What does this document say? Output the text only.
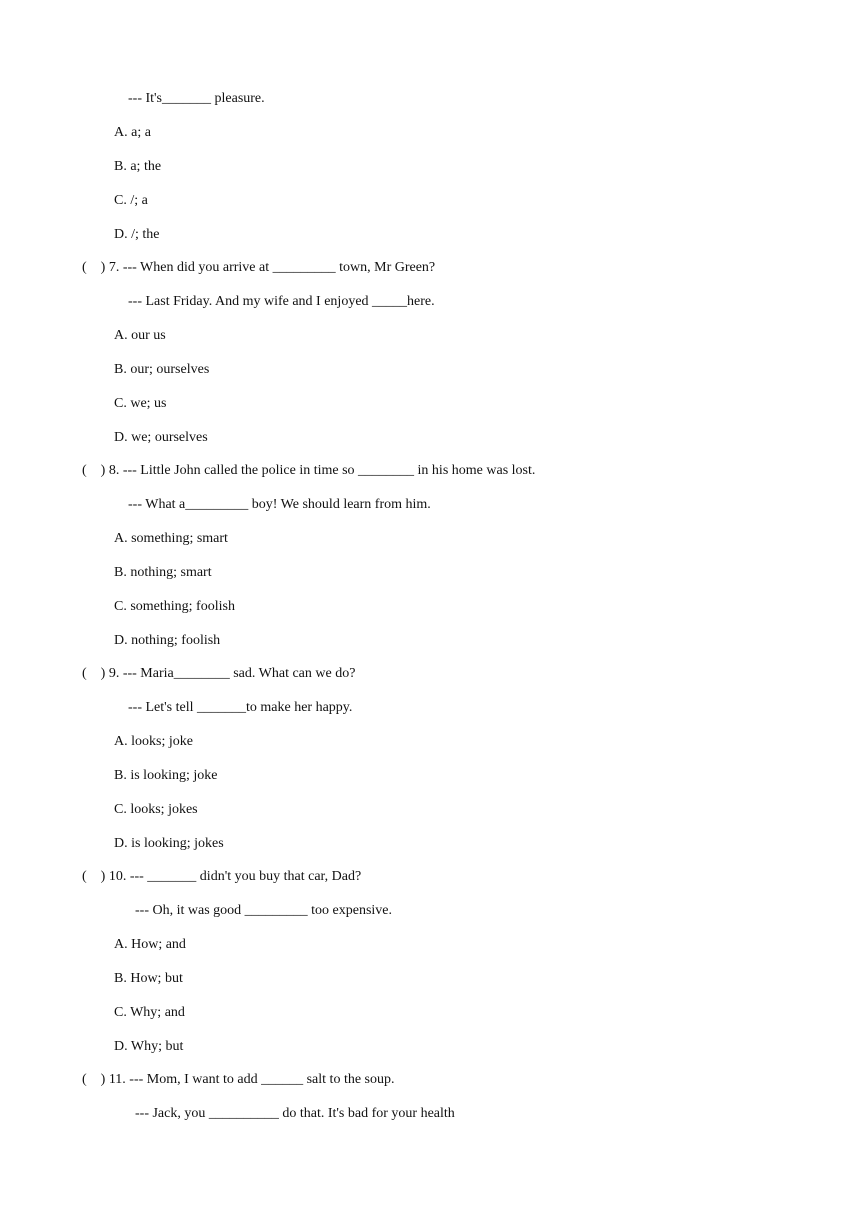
--- It's_______ pleasure.

A. a; a

B. a; the

C. /; a

D. /; the

(    ) 7. --- When did you arrive at _________ town, Mr Green?

--- Last Friday. And my wife and I enjoyed _____here.

A. our us

B. our; ourselves

C. we; us

D. we; ourselves

(    ) 8. --- Little John called the police in time so ________ in his home was lost.

--- What a_________ boy! We should learn from him.

A. something; smart

B. nothing; smart

C. something; foolish

D. nothing; foolish

(    ) 9. --- Maria________ sad. What can we do?

--- Let's tell _______to make her happy.

A. looks; joke

B. is looking; joke

C. looks; jokes

D. is looking; jokes

(    ) 10. --- _______ didn't you buy that car, Dad?

--- Oh, it was good _________ too expensive.

A. How; and

B. How; but

C. Why; and

D. Why; but

(    ) 11. --- Mom, I want to add ______ salt to the soup.

--- Jack, you __________ do that. It's bad for your health
